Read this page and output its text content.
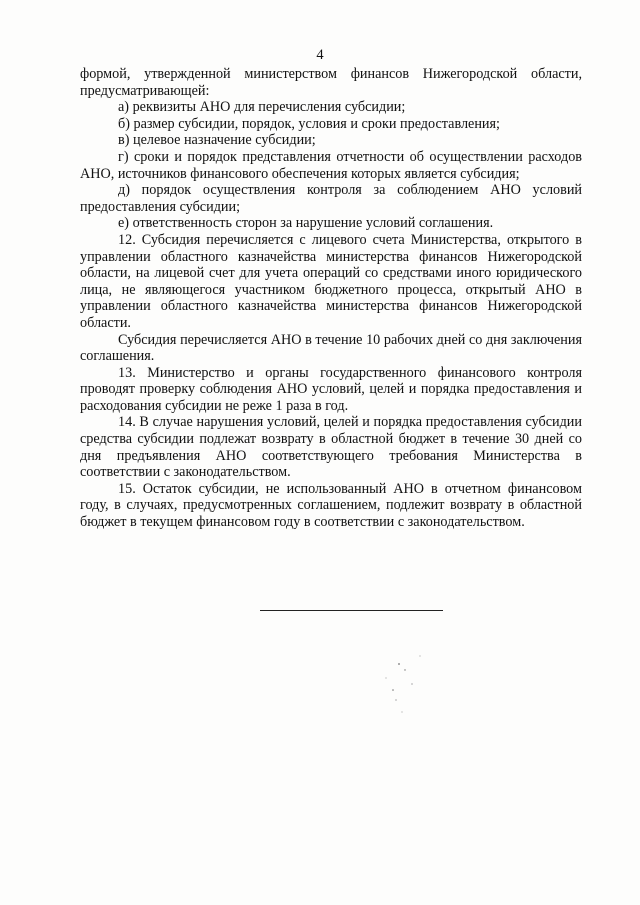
4

формой, утвержденной министерством финансов Нижегородской области, предусматривающей:

а) реквизиты АНО для перечисления субсидии;

б) размер субсидии, порядок, условия и сроки предоставления;

в) целевое назначение субсидии;

г) сроки и порядок представления отчетности об осуществлении расходов АНО, источников финансового обеспечения которых является субсидия;

д) порядок осуществления контроля за соблюдением АНО условий предоставления субсидии;

е) ответственность сторон за нарушение условий соглашения.

12. Субсидия перечисляется с лицевого счета Министерства, открытого в управлении областного казначейства министерства финансов Нижегородской области, на лицевой счет для учета операций со средствами иного юридического лица, не являющегося участником бюджетного процесса, открытый АНО в управлении областного казначейства министерства финансов Нижегородской области.

Субсидия перечисляется АНО в течение 10 рабочих дней со дня заключения соглашения.

13. Министерство и органы государственного финансового контроля проводят проверку соблюдения АНО условий, целей и порядка предоставления и расходования субсидии не реже 1 раза в год.

14. В случае нарушения условий, целей и порядка предоставления субсидии средства субсидии подлежат возврату в областной бюджет в течение 30 дней со дня предъявления АНО соответствующего требования Министерства в соответствии с законодательством.

15. Остаток субсидии, не использованный АНО в отчетном финансовом году, в случаях, предусмотренных соглашением, подлежит возврату в областной бюджет в текущем финансовом году в соответствии с законодательством.
